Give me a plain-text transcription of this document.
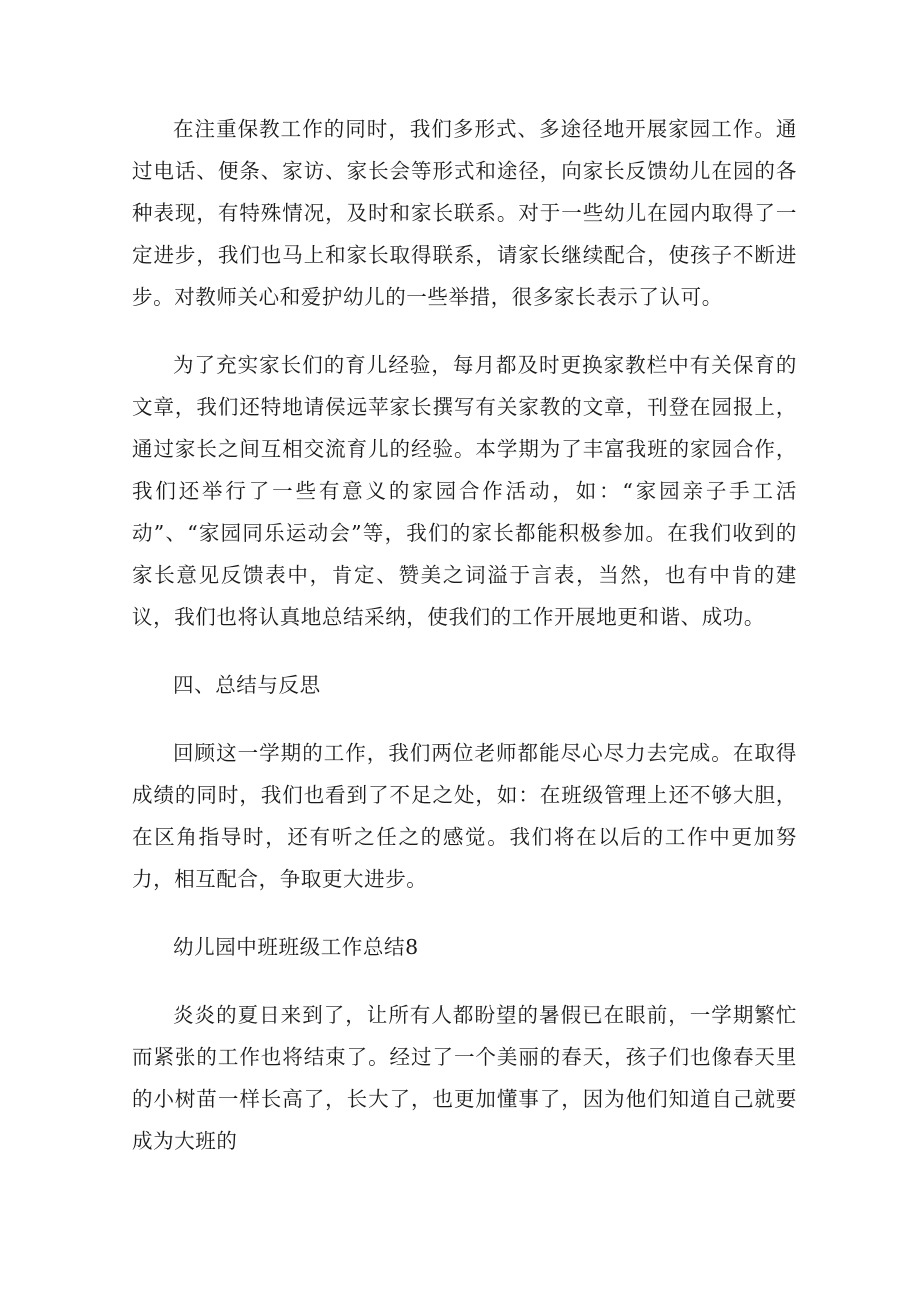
在注重保教工作的同时，我们多形式、多途径地开展家园工作。通过电话、便条、家访、家长会等形式和途径，向家长反馈幼儿在园的各种表现，有特殊情况，及时和家长联系。对于一些幼儿在园内取得了一定进步，我们也马上和家长取得联系，请家长继续配合，使孩子不断进步。对教师关心和爱护幼儿的一些举措，很多家长表示了认可。

为了充实家长们的育儿经验，每月都及时更换家教栏中有关保育的文章，我们还特地请侯远苹家长撰写有关家教的文章，刊登在园报上，通过家长之间互相交流育儿的经验。本学期为了丰富我班的家园合作，我们还举行了一些有意义的家园合作活动，如：“家园亲子手工活动”、“家园同乐运动会”等，我们的家长都能积极参加。在我们收到的家长意见反馈表中，肯定、赞美之词溢于言表，当然，也有中肯的建议，我们也将认真地总结采纳，使我们的工作开展地更和谐、成功。

四、总结与反思

回顾这一学期的工作，我们两位老师都能尽心尽力去完成。在取得成绩的同时，我们也看到了不足之处，如：在班级管理上还不够大胆，在区角指导时，还有听之任之的感觉。我们将在以后的工作中更加努力，相互配合，争取更大进步。

幼儿园中班班级工作总结8

炎炎的夏日来到了，让所有人都盼望的暑假已在眼前，一学期繁忙而紧张的工作也将结束了。经过了一个美丽的春天，孩子们也像春天里的小树苗一样长高了，长大了，也更加懂事了，因为他们知道自己就要成为大班的
